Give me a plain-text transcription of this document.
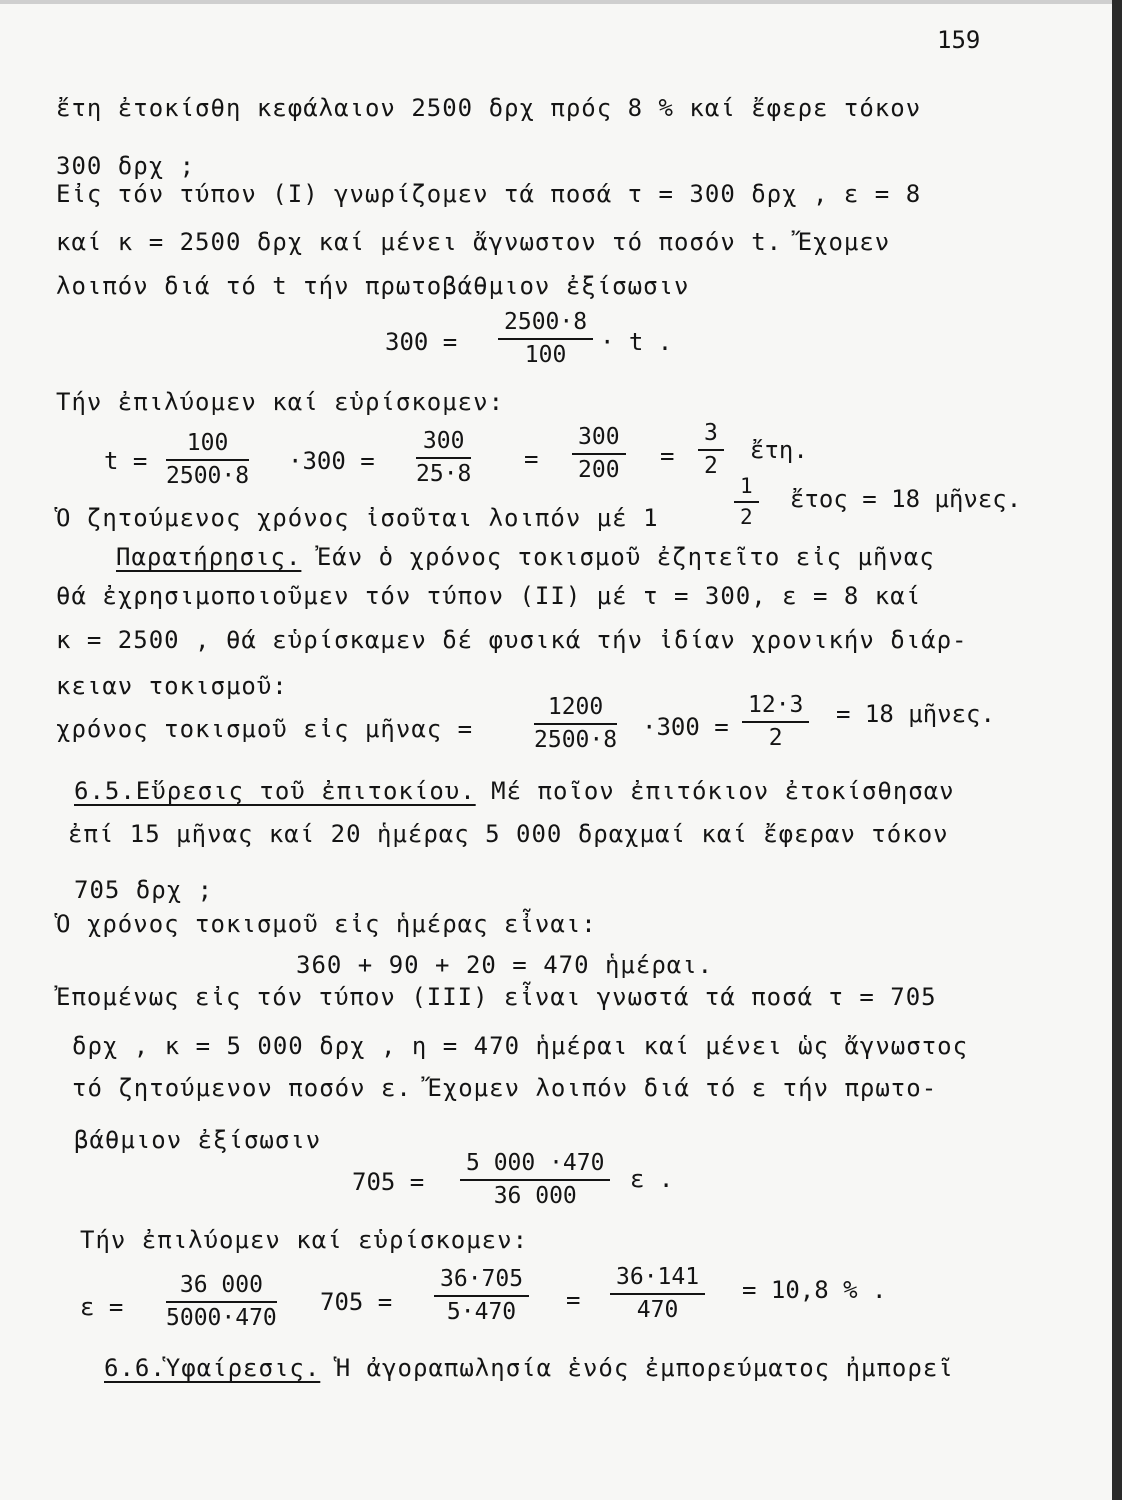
159
ἔτη ἐτοκίσθη κεφάλαιον 2500 δρχ πρός 8 % καί ἔφερε τόκον
300 δρχ ;
Εἰς τόν τύπον (Ι) γνωρίζομεν τά ποσά τ = 300 δρχ , ε = 8
καί κ = 2500 δρχ καί μένει ἄγνωστον τό ποσόν t. Ἔχομεν
λοιπόν διά τό t τήν πρωτοβάθμιον ἐξίσωσιν
$300 = \frac{2500\cdot 8}{100} \cdot t$ .
Τήν ἐπιλύομεν καί εὑρίσκομεν:
$t = \frac{100}{2500\cdot 8} \cdot 300 = \frac{300}{25\cdot 8} = \frac{300}{200} = \frac{3}{2}$ ἔτη.
Ὁ ζητούμενος χρόνος ἰσοῦται λοιπόν μέ 1	$\frac{1}{2}$ ἔτος = 18 μῆνες.
Παρατήρησις. Ἐάν ὁ χρόνος τοκισμοῦ ἐζητεῖτο εἰς μῆνας
θά ἐχρησιμοποιοῦμεν τόν τύπον (ΙΙ) μέ τ = 300, ε = 8 καί
κ = 2500 , θά εὑρίσκαμεν δέ φυσικά τήν ἰδίαν χρονικήν διάρ-
κειαν τοκισμοῦ:
χρόνος τοκισμοῦ εἰς μῆνας =	$\frac{1200}{2500\cdot 8} \cdot 300 = \frac{12\cdot 3}{2} = 18$ μῆνες.
6.5.Εὕρεσις τοῦ ἐπιτοκίου. Μέ ποῖον ἐπιτόκιον ἐτοκίσθησαν
ἐπί 15 μῆνας καί 20 ἡμέρας 5 000 δραχμαί καί ἔφεραν τόκον
705 δρχ ;
Ὁ χρόνος τοκισμοῦ εἰς ἡμέρας εἶναι:
360 + 90 + 20 = 470 ἡμέραι.
Ἐπομένως εἰς τόν τύπον (ΙΙΙ) εἶναι γνωστά τά ποσά τ = 705
δρχ , κ = 5 000 δρχ , η = 470 ἡμέραι καί μένει ὡς ἄγνωστος
τό ζητούμενον ποσόν ε. Ἔχομεν λοιπόν διά τό ε τήν πρωτο-
βάθμιον ἐξίσωσιν
$705 = \frac{5 000 \cdot 470}{36 000}$ ε .
Τήν ἐπιλύομεν καί εὑρίσκομεν:
$\varepsilon = \frac{36 000}{5000\cdot 470} 705 = \frac{36\cdot 705}{5\cdot 470} = \frac{36\cdot 141}{470} = 10,8$ % .
6.6.Ὑφαίρεσις. Ἡ ἀγοραπωλησία ἑνός ἐμπορεύματος ἠμπορεῖ
